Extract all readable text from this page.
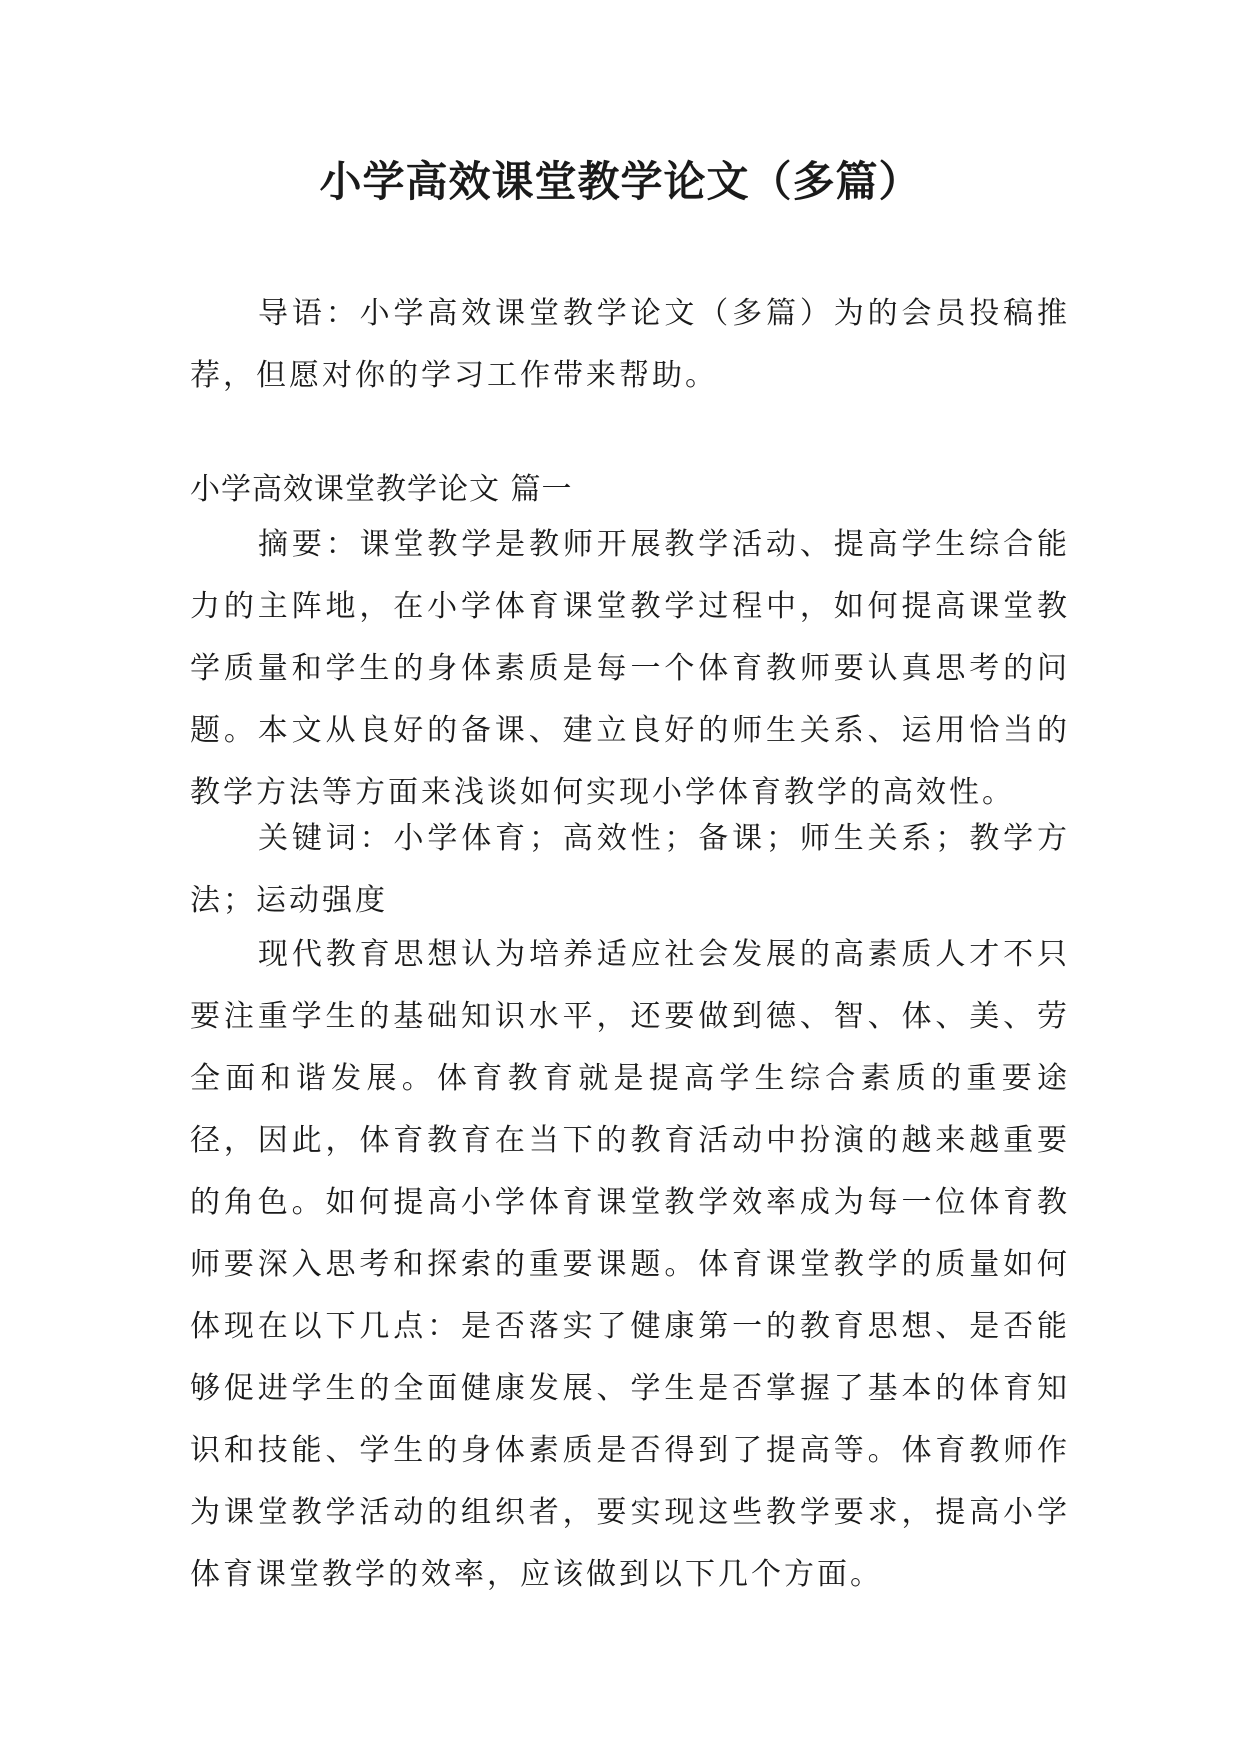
小学高效课堂教学论文（多篇）

导语：小学高效课堂教学论文（多篇）为的会员投稿推荐，但愿对你的学习工作带来帮助。

小学高效课堂教学论文 篇一

摘要：课堂教学是教师开展教学活动、提高学生综合能力的主阵地，在小学体育课堂教学过程中，如何提高课堂教学质量和学生的身体素质是每一个体育教师要认真思考的问题。本文从良好的备课、建立良好的师生关系、运用恰当的教学方法等方面来浅谈如何实现小学体育教学的高效性。

关键词：小学体育；高效性；备课；师生关系；教学方法；运动强度

现代教育思想认为培养适应社会发展的高素质人才不只要注重学生的基础知识水平，还要做到德、智、体、美、劳全面和谐发展。体育教育就是提高学生综合素质的重要途径，因此，体育教育在当下的教育活动中扮演的越来越重要的角色。如何提高小学体育课堂教学效率成为每一位体育教师要深入思考和探索的重要课题。体育课堂教学的质量如何体现在以下几点：是否落实了健康第一的教育思想、是否能够促进学生的全面健康发展、学生是否掌握了基本的体育知识和技能、学生的身体素质是否得到了提高等。体育教师作为课堂教学活动的组织者，要实现这些教学要求，提高小学体育课堂教学的效率，应该做到以下几个方面。
